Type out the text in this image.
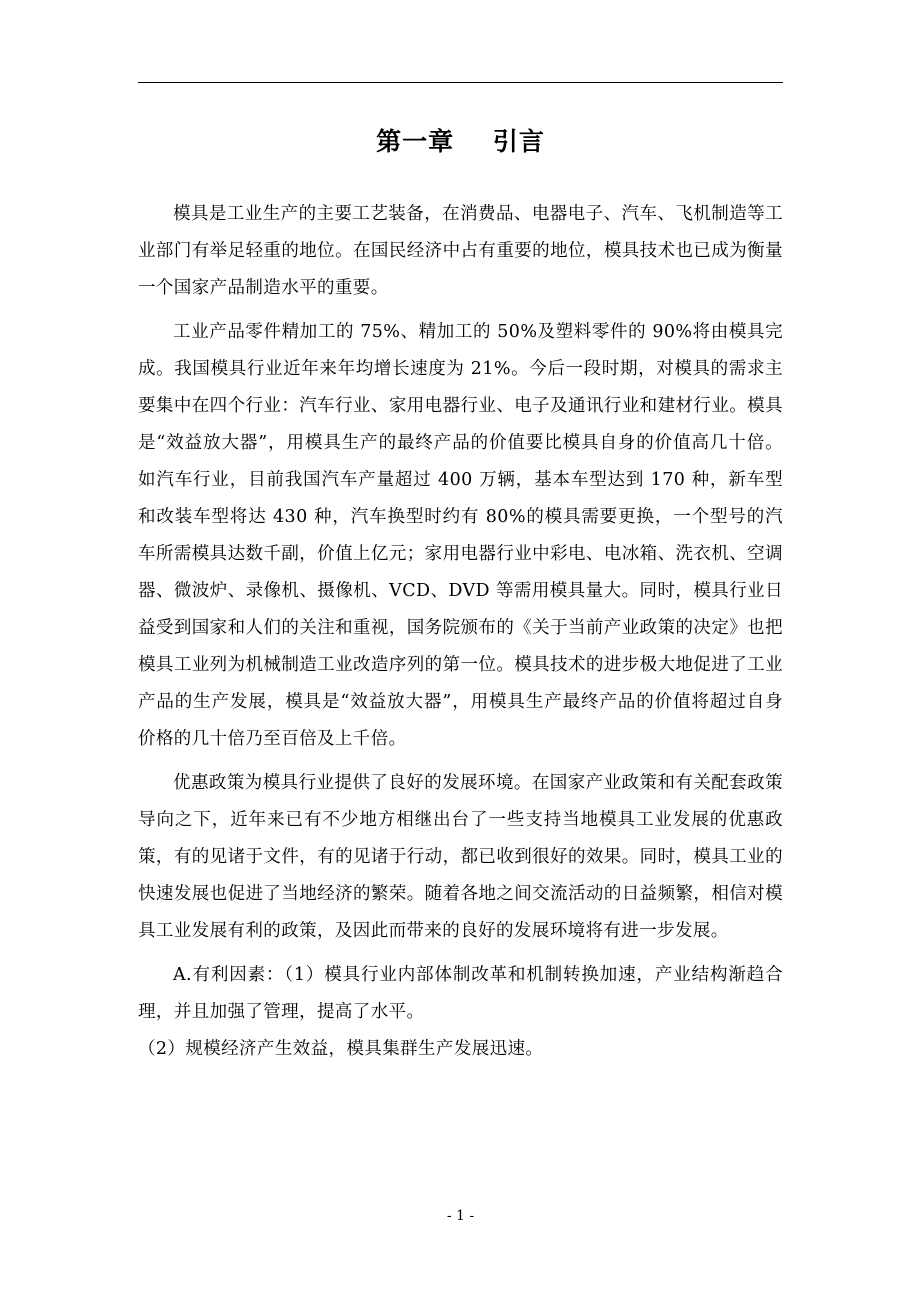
第一章    引言

模具是工业生产的主要工艺装备，在消费品、电器电子、汽车、飞机制造等工业部门有举足轻重的地位。在国民经济中占有重要的地位，模具技术也已成为衡量一个国家产品制造水平的重要。

工业产品零件精加工的 75%、精加工的 50%及塑料零件的 90%将由模具完成。我国模具行业近年来年均增长速度为 21%。今后一段时期，对模具的需求主要集中在四个行业：汽车行业、家用电器行业、电子及通讯行业和建材行业。模具是“效益放大器”，用模具生产的最终产品的价值要比模具自身的价值高几十倍。如汽车行业，目前我国汽车产量超过 400 万辆，基本车型达到 170 种，新车型和改装车型将达 430 种，汽车换型时约有 80%的模具需要更换，一个型号的汽车所需模具达数千副，价值上亿元；家用电器行业中彩电、电冰箱、洗衣机、空调器、微波炉、录像机、摄像机、VCD、DVD 等需用模具量大。同时，模具行业日益受到国家和人们的关注和重视，国务院颁布的《关于当前产业政策的决定》也把模具工业列为机械制造工业改造序列的第一位。模具技术的进步极大地促进了工业产品的生产发展，模具是“效益放大器”，用模具生产最终产品的价值将超过自身价格的几十倍乃至百倍及上千倍。

优惠政策为模具行业提供了良好的发展环境。在国家产业政策和有关配套政策导向之下，近年来已有不少地方相继出台了一些支持当地模具工业发展的优惠政策，有的见诸于文件，有的见诸于行动，都已收到很好的效果。同时，模具工业的快速发展也促进了当地经济的繁荣。随着各地之间交流活动的日益频繁，相信对模具工业发展有利的政策，及因此而带来的良好的发展环境将有进一步发展。

A.有利因素：（1）模具行业内部体制改革和机制转换加速，产业结构渐趋合理，并且加强了管理，提高了水平。

（2）规模经济产生效益，模具集群生产发展迅速。

- 1 -
